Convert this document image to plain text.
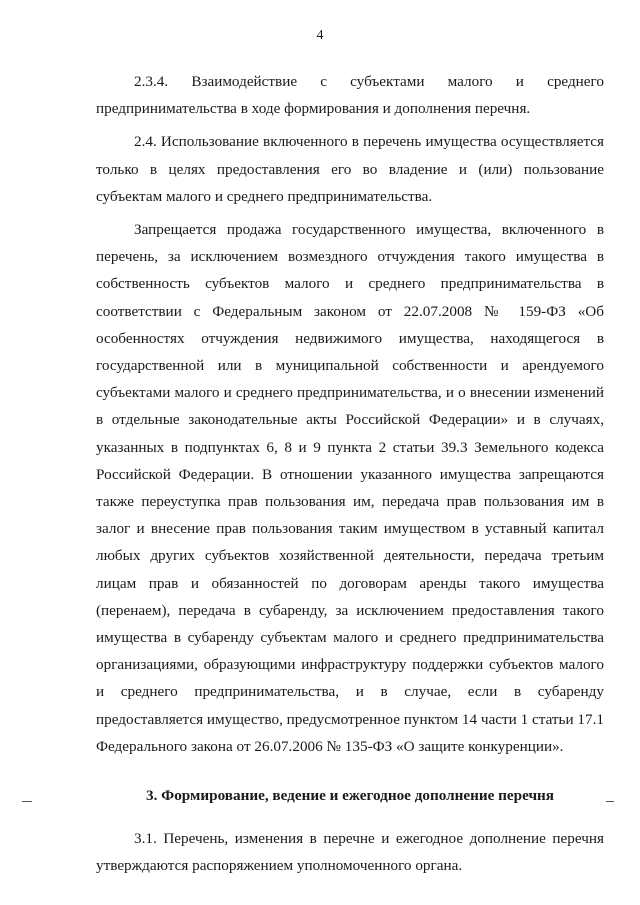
4

2.3.4. Взаимодействие с субъектами малого и среднего предпринимательства в ходе формирования и дополнения перечня.

2.4. Использование включенного в перечень имущества осуществляется только в целях предоставления его во владение и (или) пользование субъектам малого и среднего предпринимательства.

Запрещается продажа государственного имущества, включенного в перечень, за исключением возмездного отчуждения такого имущества в собственность субъектов малого и среднего предпринимательства в соответствии с Федеральным законом от 22.07.2008 № 159-ФЗ «Об особенностях отчуждения недвижимого имущества, находящегося в государственной или в муниципальной собственности и арендуемого субъектами малого и среднего предпринимательства, и о внесении изменений в отдельные законодательные акты Российской Федерации» и в случаях, указанных в подпунктах 6, 8 и 9 пункта 2 статьи 39.3 Земельного кодекса Российской Федерации. В отношении указанного имущества запрещаются также переуступка прав пользования им, передача прав пользования им в залог и внесение прав пользования таким имуществом в уставный капитал любых других субъектов хозяйственной деятельности, передача третьим лицам прав и обязанностей по договорам аренды такого имущества (перенаем), передача в субаренду, за исключением предоставления такого имущества в субаренду субъектам малого и среднего предпринимательства организациями, образующими инфраструктуру поддержки субъектов малого и среднего предпринимательства, и в случае, если в субаренду предоставляется имущество, предусмотренное пунктом 14 части 1 статьи 17.1 Федерального закона от 26.07.2006 № 135-ФЗ «О защите конкуренции».

3. Формирование, ведение и ежегодное дополнение перечня

3.1. Перечень, изменения в перечне и ежегодное дополнение перечня утверждаются распоряжением уполномоченного органа.
